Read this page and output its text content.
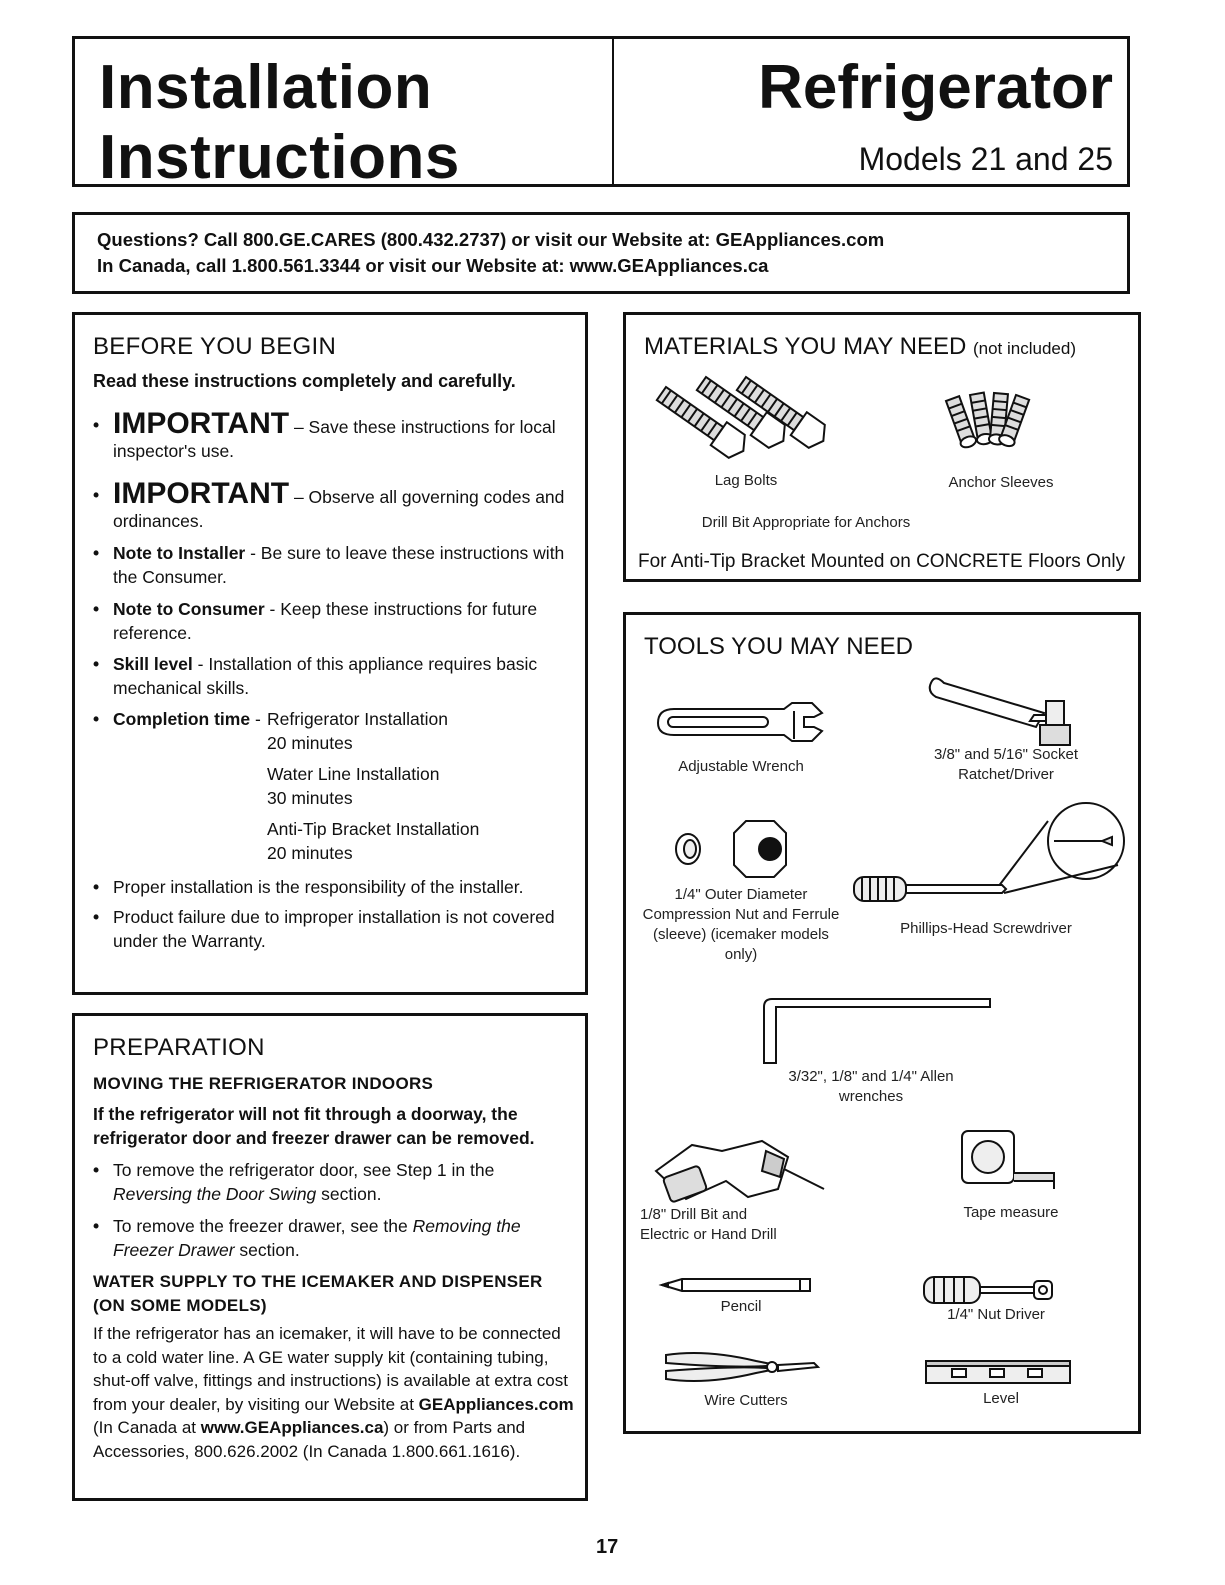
Installation
Instructions
Refrigerator
Models 21 and 25
Questions? Call 800.GE.CARES (800.432.2737) or visit our Website at: GEAppliances.com
In Canada, call 1.800.561.3344 or visit our Website at: www.GEAppliances.ca
BEFORE YOU BEGIN
Read these instructions completely and carefully.
• IMPORTANT – Save these instructions for local inspector's use.
• IMPORTANT – Observe all governing codes and ordinances.
• Note to Installer - Be sure to leave these instructions with the Consumer.
• Note to Consumer - Keep these instructions for future reference.
• Skill level - Installation of this appliance requires basic mechanical skills.
• Completion time - Refrigerator Installation
20 minutes
Water Line Installation
30 minutes
Anti-Tip Bracket Installation
20 minutes
• Proper installation is the responsibility of the installer.
• Product failure due to improper installation is not covered under the Warranty.
PREPARATION
MOVING THE REFRIGERATOR INDOORS
If the refrigerator will not fit through a doorway, the refrigerator door and freezer drawer can be removed.
• To remove the refrigerator door, see Step 1 in the Reversing the Door Swing section.
• To remove the freezer drawer, see the Removing the Freezer Drawer section.
WATER SUPPLY TO THE ICEMAKER AND DISPENSER (ON SOME MODELS)
If the refrigerator has an icemaker, it will have to be connected to a cold water line. A GE water supply kit (containing tubing, shut-off valve, fittings and instructions) is available at extra cost from your dealer, by visiting our Website at GEAppliances.com (In Canada at www.GEAppliances.ca) or from Parts and Accessories, 800.626.2002 (In Canada 1.800.661.1616).
MATERIALS YOU MAY NEED (not included)
Lag Bolts	Anchor Sleeves
Drill Bit Appropriate for Anchors
For Anti-Tip Bracket Mounted on CONCRETE Floors Only
TOOLS YOU MAY NEED
Adjustable Wrench
3/8" and 5/16" Socket
Ratchet/Driver
1/4" Outer Diameter Compression Nut and Ferrule (sleeve) (icemaker models only)
Phillips-Head Screwdriver
3/32", 1/8" and 1/4" Allen
wrenches
1/8" Drill Bit and
Electric or Hand Drill
Tape measure
Pencil	1/4" Nut Driver
Wire Cutters	Level
17
